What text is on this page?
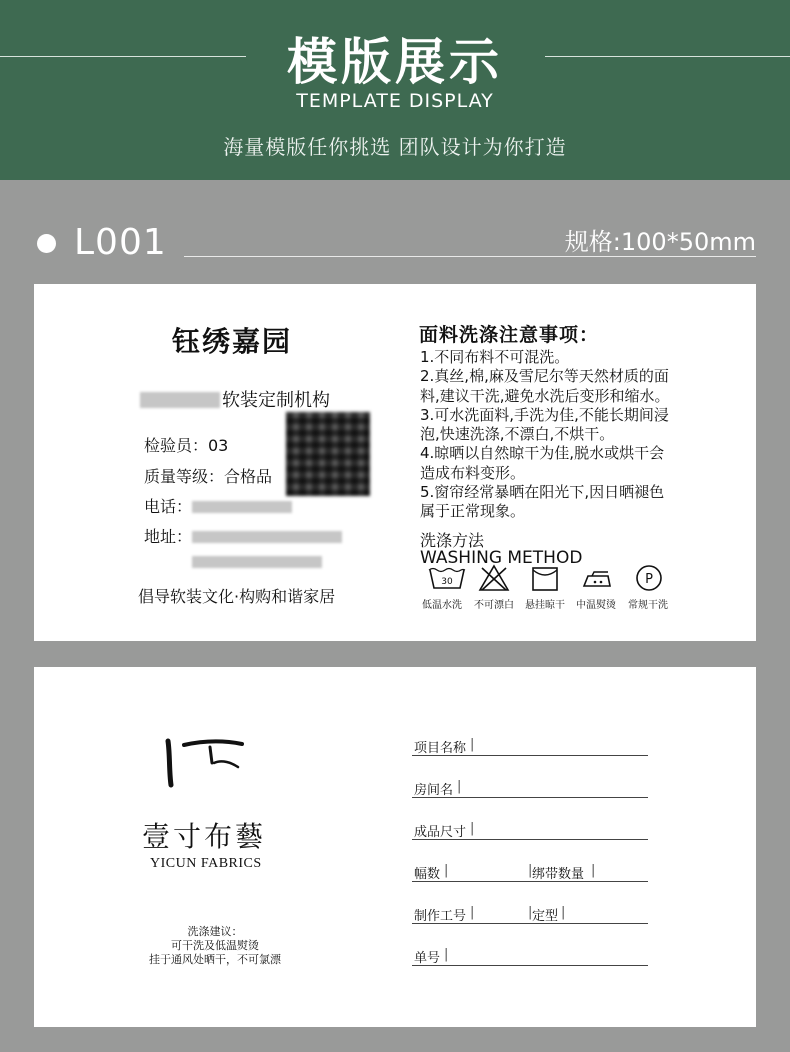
模版展示
TEMPLATE DISPLAY
海量模版任你挑选 团队设计为你打造
L001	规格:100*50mm
钰绣嘉园
软装定制机构
检验员：03
质量等级：合格品
电话：
地址：
倡导软装文化·构购和谐家居
面料洗涤注意事项：
1.不同布料不可混洗。
2.真丝,棉,麻及雪尼尔等天然材质的面
料,建议干洗,避免水洗后变形和缩水。
3.可水洗面料,手洗为佳,不能长期间浸
泡,快速洗涤,不漂白,不烘干。
4.晾晒以自然晾干为佳,脱水或烘干会
造成布料变形。
5.窗帘经常暴晒在阳光下,因日晒褪色
属于正常现象。
洗涤方法
WASHING METHOD
30	P
低温水洗 不可漂白 悬挂晾干 中温熨烫 常规干洗
壹寸布藝
YICUN FABRICS
洗涤建议：
可干洗及低温熨烫
挂于通风处晒干，不可氯漂
项目名称 |
房间名 |
成品尺寸 |
幅数 |	| 绑带数量 |
制作工号 |	| 定型 |
单号 |
